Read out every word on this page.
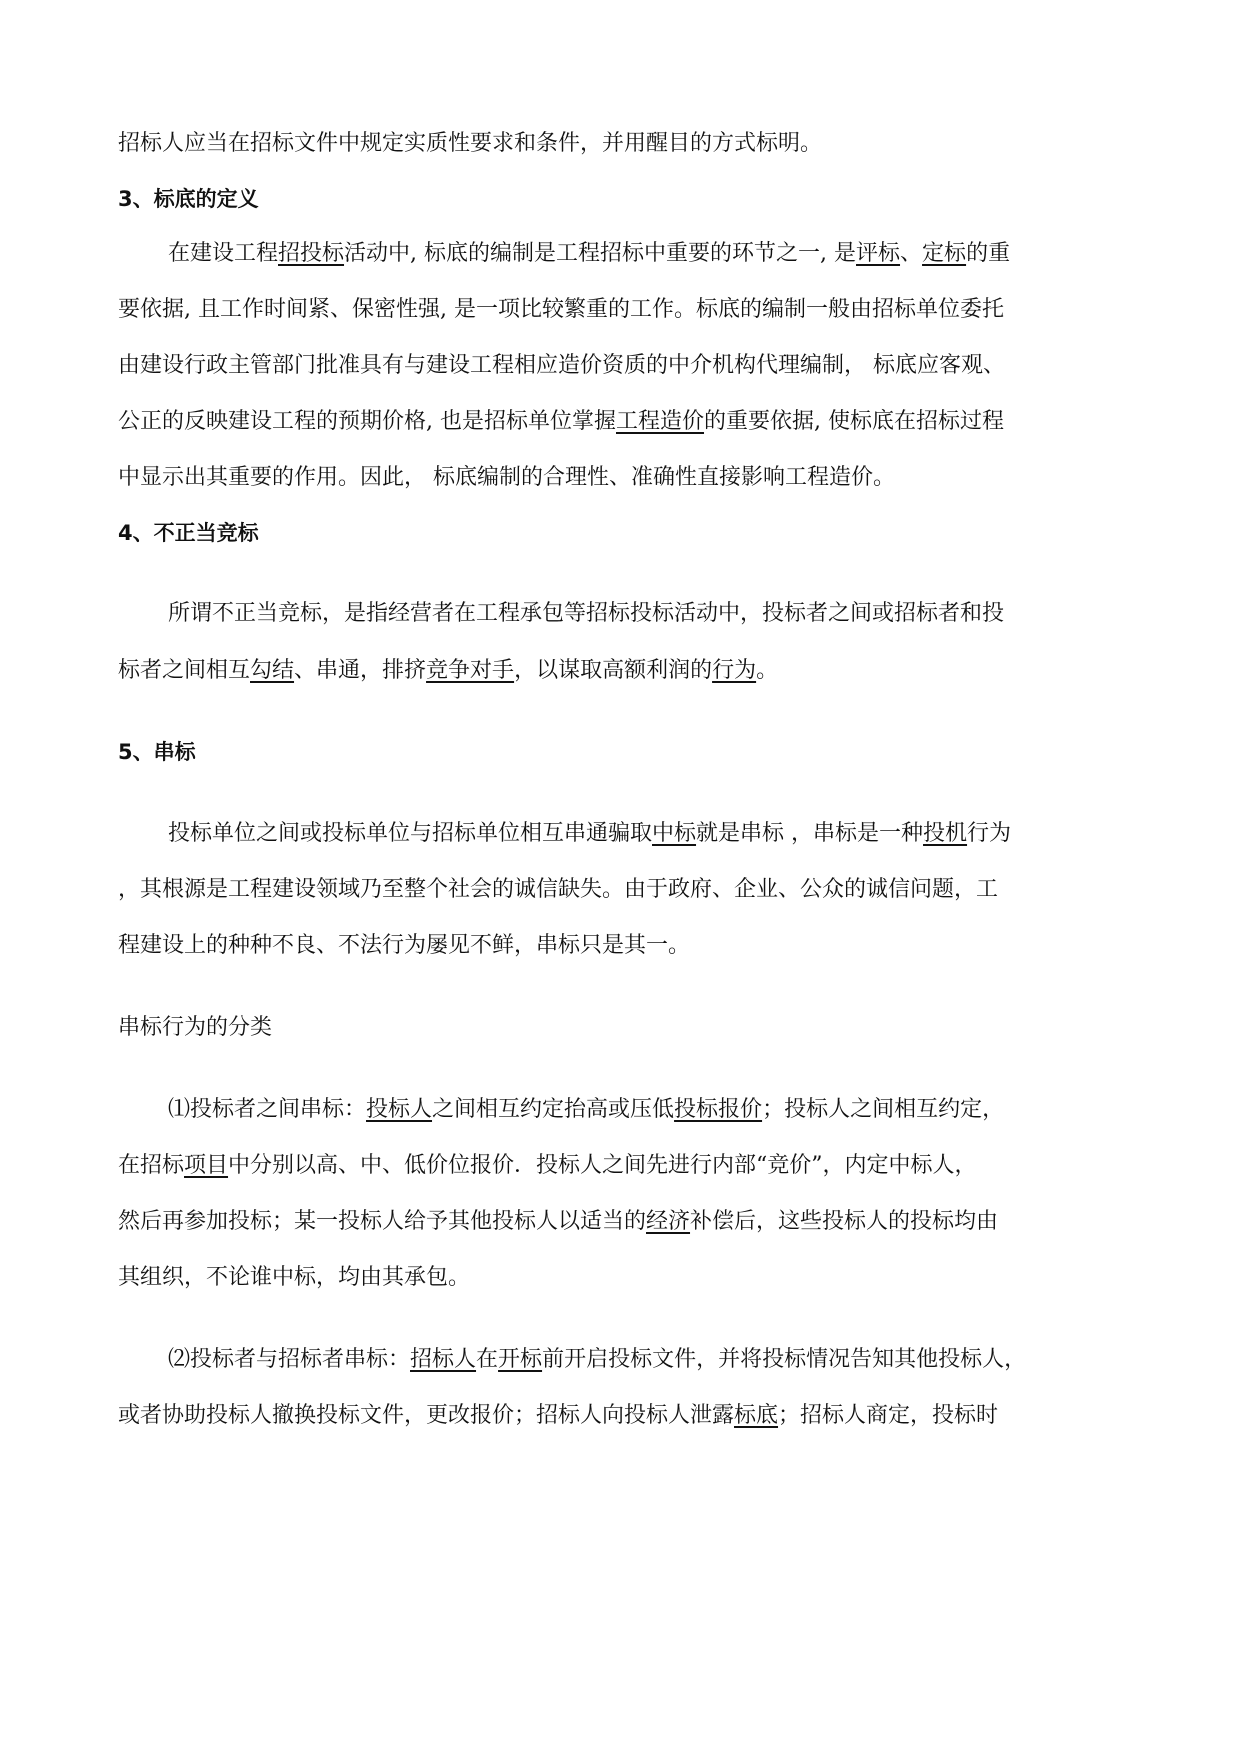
招标人应当在招标文件中规定实质性要求和条件，并用醒目的方式标明。
3、标底的定义
在建设工程招投标活动中, 标底的编制是工程招标中重要的环节之一, 是评标、定标的重
要依据, 且工作时间紧、保密性强, 是一项比较繁重的工作。标底的编制一般由招标单位委托
由建设行政主管部门批准具有与建设工程相应造价资质的中介机构代理编制， 标底应客观、
公正的反映建设工程的预期价格, 也是招标单位掌握工程造价的重要依据, 使标底在招标过程
中显示出其重要的作用。因此， 标底编制的合理性、准确性直接影响工程造价。
4、不正当竞标
所谓不正当竞标，是指经营者在工程承包等招标投标活动中，投标者之间或招标者和投
标者之间相互勾结、串通，排挤竞争对手，以谋取高额利润的行为。
5、串标
投标单位之间或投标单位与招标单位相互串通骗取中标就是串标 ，串标是一种投机行为
，其根源是工程建设领域乃至整个社会的诚信缺失。由于政府、企业、公众的诚信问题，工
程建设上的种种不良、不法行为屡见不鲜，串标只是其一。
串标行为的分类
⑴投标者之间串标：投标人之间相互约定抬高或压低投标报价；投标人之间相互约定，
在招标项目中分别以高、中、低价位报价．投标人之间先进行内部“竞价”，内定中标人，
然后再参加投标；某一投标人给予其他投标人以适当的经济补偿后，这些投标人的投标均由
其组织，不论谁中标，均由其承包。
⑵投标者与招标者串标：招标人在开标前开启投标文件，并将投标情况告知其他投标人，
或者协助投标人撤换投标文件，更改报价；招标人向投标人泄露标底；招标人商定，投标时
